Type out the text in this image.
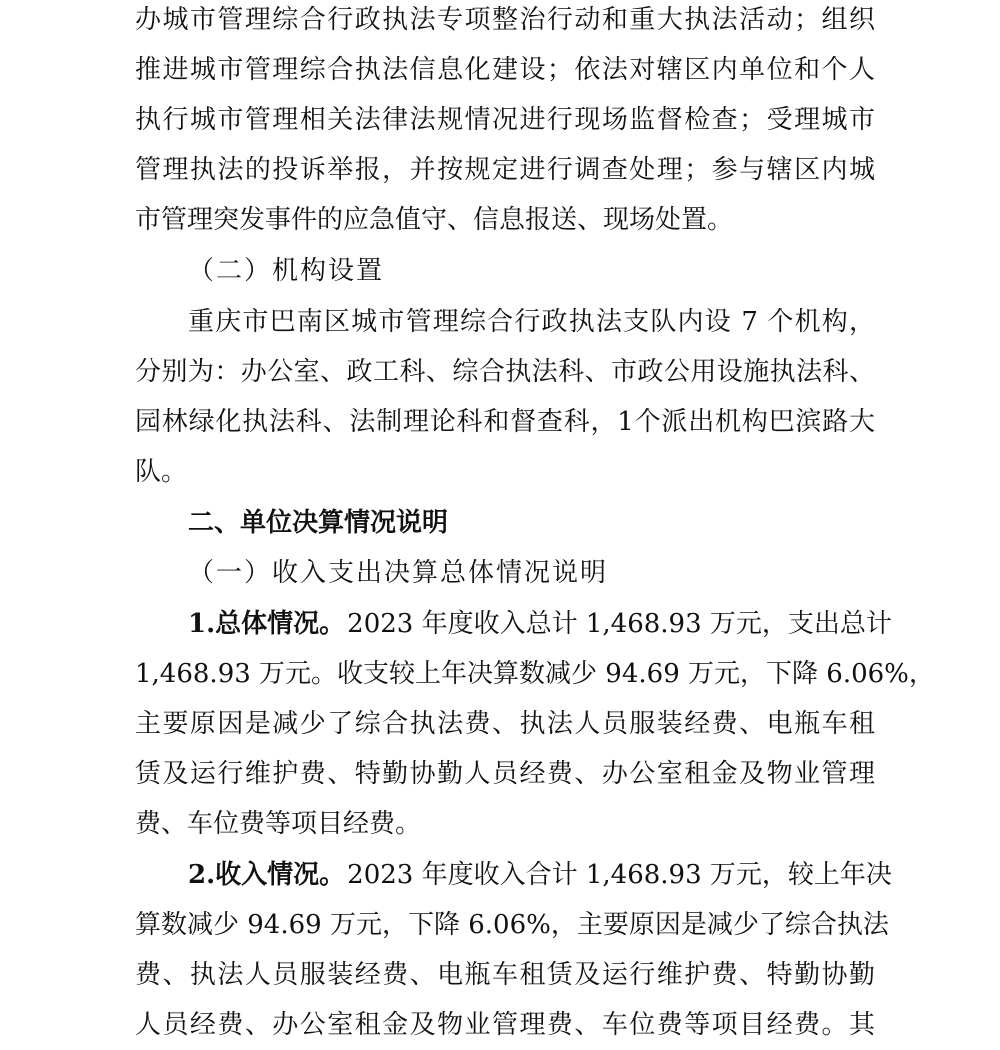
办城市管理综合行政执法专项整治行动和重大执法活动；组织
推进城市管理综合执法信息化建设；依法对辖区内单位和个人
执行城市管理相关法律法规情况进行现场监督检查；受理城市
管理执法的投诉举报，并按规定进行调查处理；参与辖区内城
市管理突发事件的应急值守、信息报送、现场处置。
（二）机构设置
重庆市巴南区城市管理综合行政执法支队内设 7 个机构，
分别为：办公室、政工科、综合执法科、市政公用设施执法科、
园林绿化执法科、法制理论科和督查科，1个派出机构巴滨路大
队。
二、单位决算情况说明
（一）收入支出决算总体情况说明
1.总体情况。 2023 年度收入总计 1,468.93 万元，支出总计
1,468.93 万元。收支较上年决算数减少 94.69 万元，下降 6.06%，
主要原因是减少了综合执法费、执法人员服装经费、电瓶车租
赁及运行维护费、特勤协勤人员经费、办公室租金及物业管理
费、车位费等项目经费。
2.收入情况。 2023 年度收入合计 1,468.93 万元，较上年决
算数减少 94.69 万元，下降 6.06%，主要原因是减少了综合执法
费、执法人员服装经费、电瓶车租赁及运行维护费、特勤协勤
人员经费、办公室租金及物业管理费、车位费等项目经费。其
